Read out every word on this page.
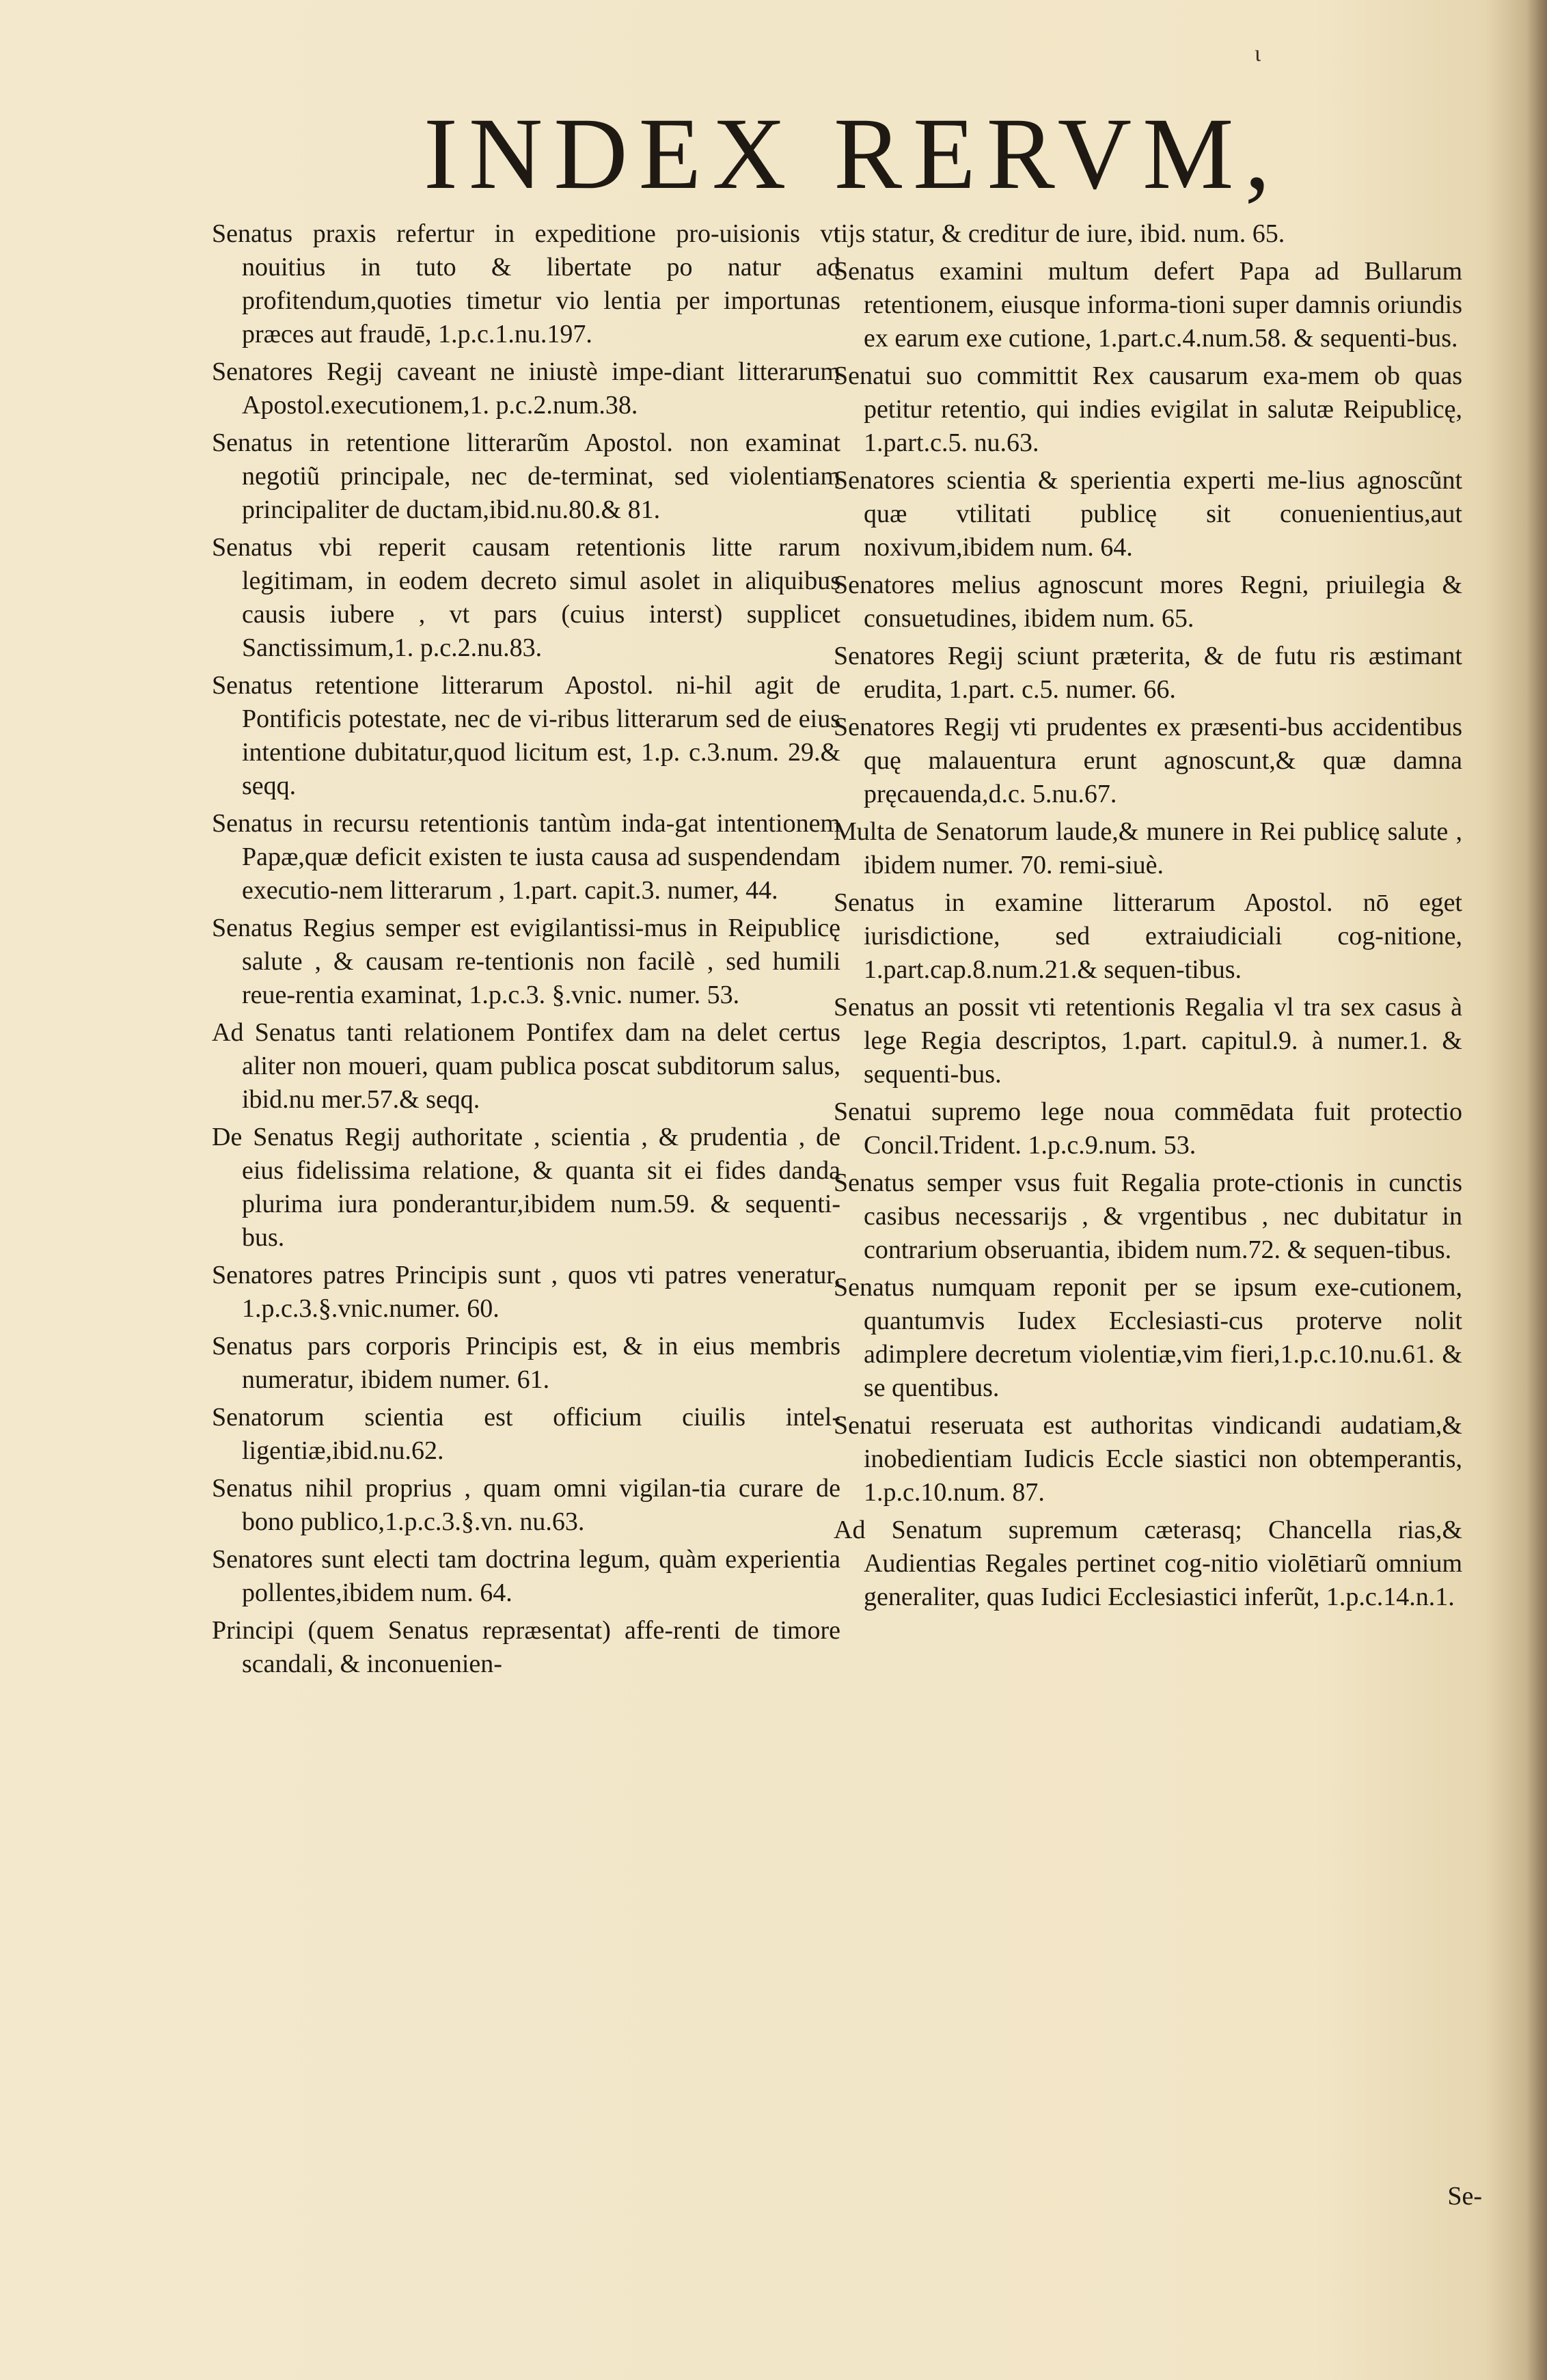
ι
INDEX RERVM,

Senatus praxis refertur in expeditione pro-uisionis vt nouitius in tuto & libertate po natur ad profitendum,quoties timetur vio lentia per importunas præces aut fraudē, 1.p.c.1.nu.197.

Senatores Regij caveant ne iniustè impe-diant litterarum Apostol.executionem,1. p.c.2.num.38.

Senatus in retentione litterarũm Apostol. non examinat negotiũ principale, nec de-terminat, sed violentiam principaliter de ductam,ibid.nu.80.& 81.

Senatus vbi reperit causam retentionis litte rarum legitimam, in eodem decreto simul asolet in aliquibus causis iubere , vt pars (cuius interst) supplicet Sanctissimum,1. p.c.2.nu.83.

Senatus retentione litterarum Apostol. ni-hil agit de Pontificis potestate, nec de vi-ribus litterarum sed de eius intentione dubitatur,quod licitum est, 1.p. c.3.num. 29.& seqq.

Senatus in recursu retentionis tantùm inda-gat intentionem Papæ,quæ deficit existen te iusta causa ad suspendendam executio-nem litterarum , 1.part. capit.3. numer, 44.

Senatus Regius semper est evigilantissi-mus in Reipublicę salute , & causam re-tentionis non facilè , sed humili reue-rentia examinat, 1.p.c.3. §.vnic. numer. 53.

Ad Senatus tanti relationem Pontifex dam na delet certus aliter non moueri, quam publica poscat subditorum salus, ibid.nu mer.57.& seqq.

De Senatus Regij authoritate , scientia , & prudentia , de eius fidelissima relatione, & quanta sit ei fides danda plurima iura ponderantur,ibidem num.59. & sequenti-bus.

Senatores patres Principis sunt , quos vti patres veneratur, 1.p.c.3.§.vnic.numer. 60.

Senatus pars corporis Principis est, & in eius membris numeratur, ibidem numer. 61.

Senatorum scientia est officium ciuilis intel-ligentiæ,ibid.nu.62.

Senatus nihil proprius , quam omni vigilan-tia curare de bono publico,1.p.c.3.§.vn. nu.63.

Senatores sunt electi tam doctrina legum, quàm experientia pollentes,ibidem num. 64.

Principi (quem Senatus repræsentat) affe-renti de timore scandali, & inconuenien-

tijs statur, & creditur de iure, ibid. num. 65.

Senatus examini multum defert Papa ad Bullarum retentionem, eiusque informa-tioni super damnis oriundis ex earum exe cutione, 1.part.c.4.num.58. & sequenti-bus.

Senatui suo committit Rex causarum exa-mem ob quas petitur retentio, qui indies evigilat in salutæ Reipublicę, 1.part.c.5. nu.63.

Senatores scientia & sperientia experti me-lius agnoscũnt quæ vtilitati publicę sit conuenientius,aut noxivum,ibidem num. 64.

Senatores melius agnoscunt mores Regni, priuilegia & consuetudines, ibidem num. 65.

Senatores Regij sciunt præterita, & de futu ris æstimant erudita, 1.part. c.5. numer. 66.

Senatores Regij vti prudentes ex præsenti-bus accidentibus quę malauentura erunt agnoscunt,& quæ damna pręcauenda,d.c. 5.nu.67.

Multa de Senatorum laude,& munere in Rei publicę salute , ibidem numer. 70. remi-siuè.

Senatus in examine litterarum Apostol. nō eget iurisdictione, sed extraiudiciali cog-nitione, 1.part.cap.8.num.21.& sequen-tibus.

Senatus an possit vti retentionis Regalia vl tra sex casus à lege Regia descriptos, 1.part. capitul.9. à numer.1. & sequenti-bus.

Senatui supremo lege noua commēdata fuit protectio Concil.Trident. 1.p.c.9.num. 53.

Senatus semper vsus fuit Regalia prote-ctionis in cunctis casibus necessarijs , & vrgentibus , nec dubitatur in contrarium obseruantia, ibidem num.72. & sequen-tibus.

Senatus numquam reponit per se ipsum exe-cutionem, quantumvis Iudex Ecclesiasti-cus proterve nolit adimplere decretum violentiæ,vim fieri,1.p.c.10.nu.61. & se quentibus.

Senatui reseruata est authoritas vindicandi audatiam,& inobedientiam Iudicis Eccle siastici non obtemperantis, 1.p.c.10.num. 87.

Ad Senatum supremum cæterasq; Chancella rias,& Audientias Regales pertinet cog-nitio violētiarũ omnium generaliter, quas Iudici Ecclesiastici inferũt, 1.p.c.14.n.1.

Se-
